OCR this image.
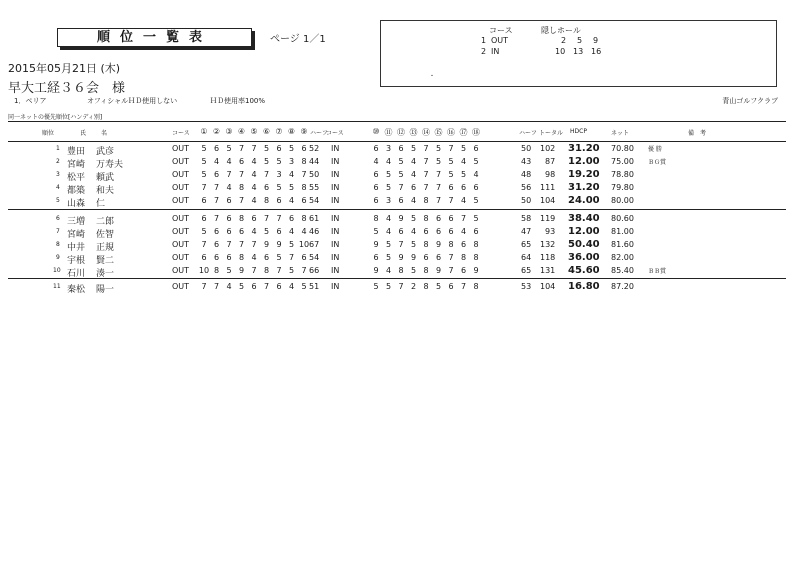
順位一覧表	ぺージ 1／1
コース	隠しホール
1 OUT	2 5 9
2 IN	10 13 16
・
2015年05月21日 (木)
早大工経３６会　様
1．ペリア	オフィシャルＨＤ使用しない	ＨＤ使用率100%	青山ゴルフクラブ
同一ネットの優先順位[ハンディ別]
順位	氏 名	コース ① ② ③ ④ ⑤ ⑥ ⑦ ⑧ ⑨ ハーフ
コース	⑩ ⑪ ⑫ ⑬ ⑭ ⑮ ⑯ ⑰ ⑱	ハーフ トータル HDCP	ネット	備　考
1 豊田 武彦	OUT 5 6 5 7 7 5 6 5 6 52 IN	6 3 6 5 7 5 7 5 6	50 102 31.20 70.80 優 勝
2 宮崎 万寿夫	OUT 5 4 4 6 4 5 5 3 8 44 IN	4 4 5 4 7 5 5 4 5	43 87 12.00 75.00 ＢＧ賞
3 松平 頼武	OUT 5 6 7 7 4 7 3 4 7 50 IN	6 5 5 4 7 7 5 5 4	48 98 19.20 78.80
4 都築 和夫	OUT 7 7 4 8 4 6 5 5 8 55 IN	6 5 7 6 7 7 6 6 6	56 111 31.20 79.80
5 山森 仁	OUT 6 7 6 7 4 8 6 4 6 54 IN	6 3 6 4 8 7 7 4 5	50 104 24.00 80.00
6 三増 二郎	OUT 6 7 6 8 6 7 7 6 8 61 IN	8 4 9 5 8 6 6 7 5	58 119 38.40 80.60
7 宮崎 佐智	OUT 5 6 6 6 4 5 6 4 4 46 IN	5 4 6 4 6 6 6 4 6	47 93 12.00 81.00
8 中井 正規	OUT 7 6 7 7 7 9 9 5 10 67 IN	9 5 7 5 8 9 8 6 8	65 132 50.40 81.60
9 宇根 賢二	OUT 6 6 6 8 4 6 5 7 6 54 IN	6 5 9 9 6 6 7 8 8	64 118 36.00 82.00
10 石川 湊一	OUT 10 8 5 9 7 8 7 5 7 66 IN	9 4 8 5 8 9 7 6 9	65 131 45.60 85.40 ＢＢ賞
11 秦松 陽一	OUT 7 7 4 5 6 7 6 4 5 51 IN	5 5 7 2 8 5 6 7 8	53 104 16.80 87.20
